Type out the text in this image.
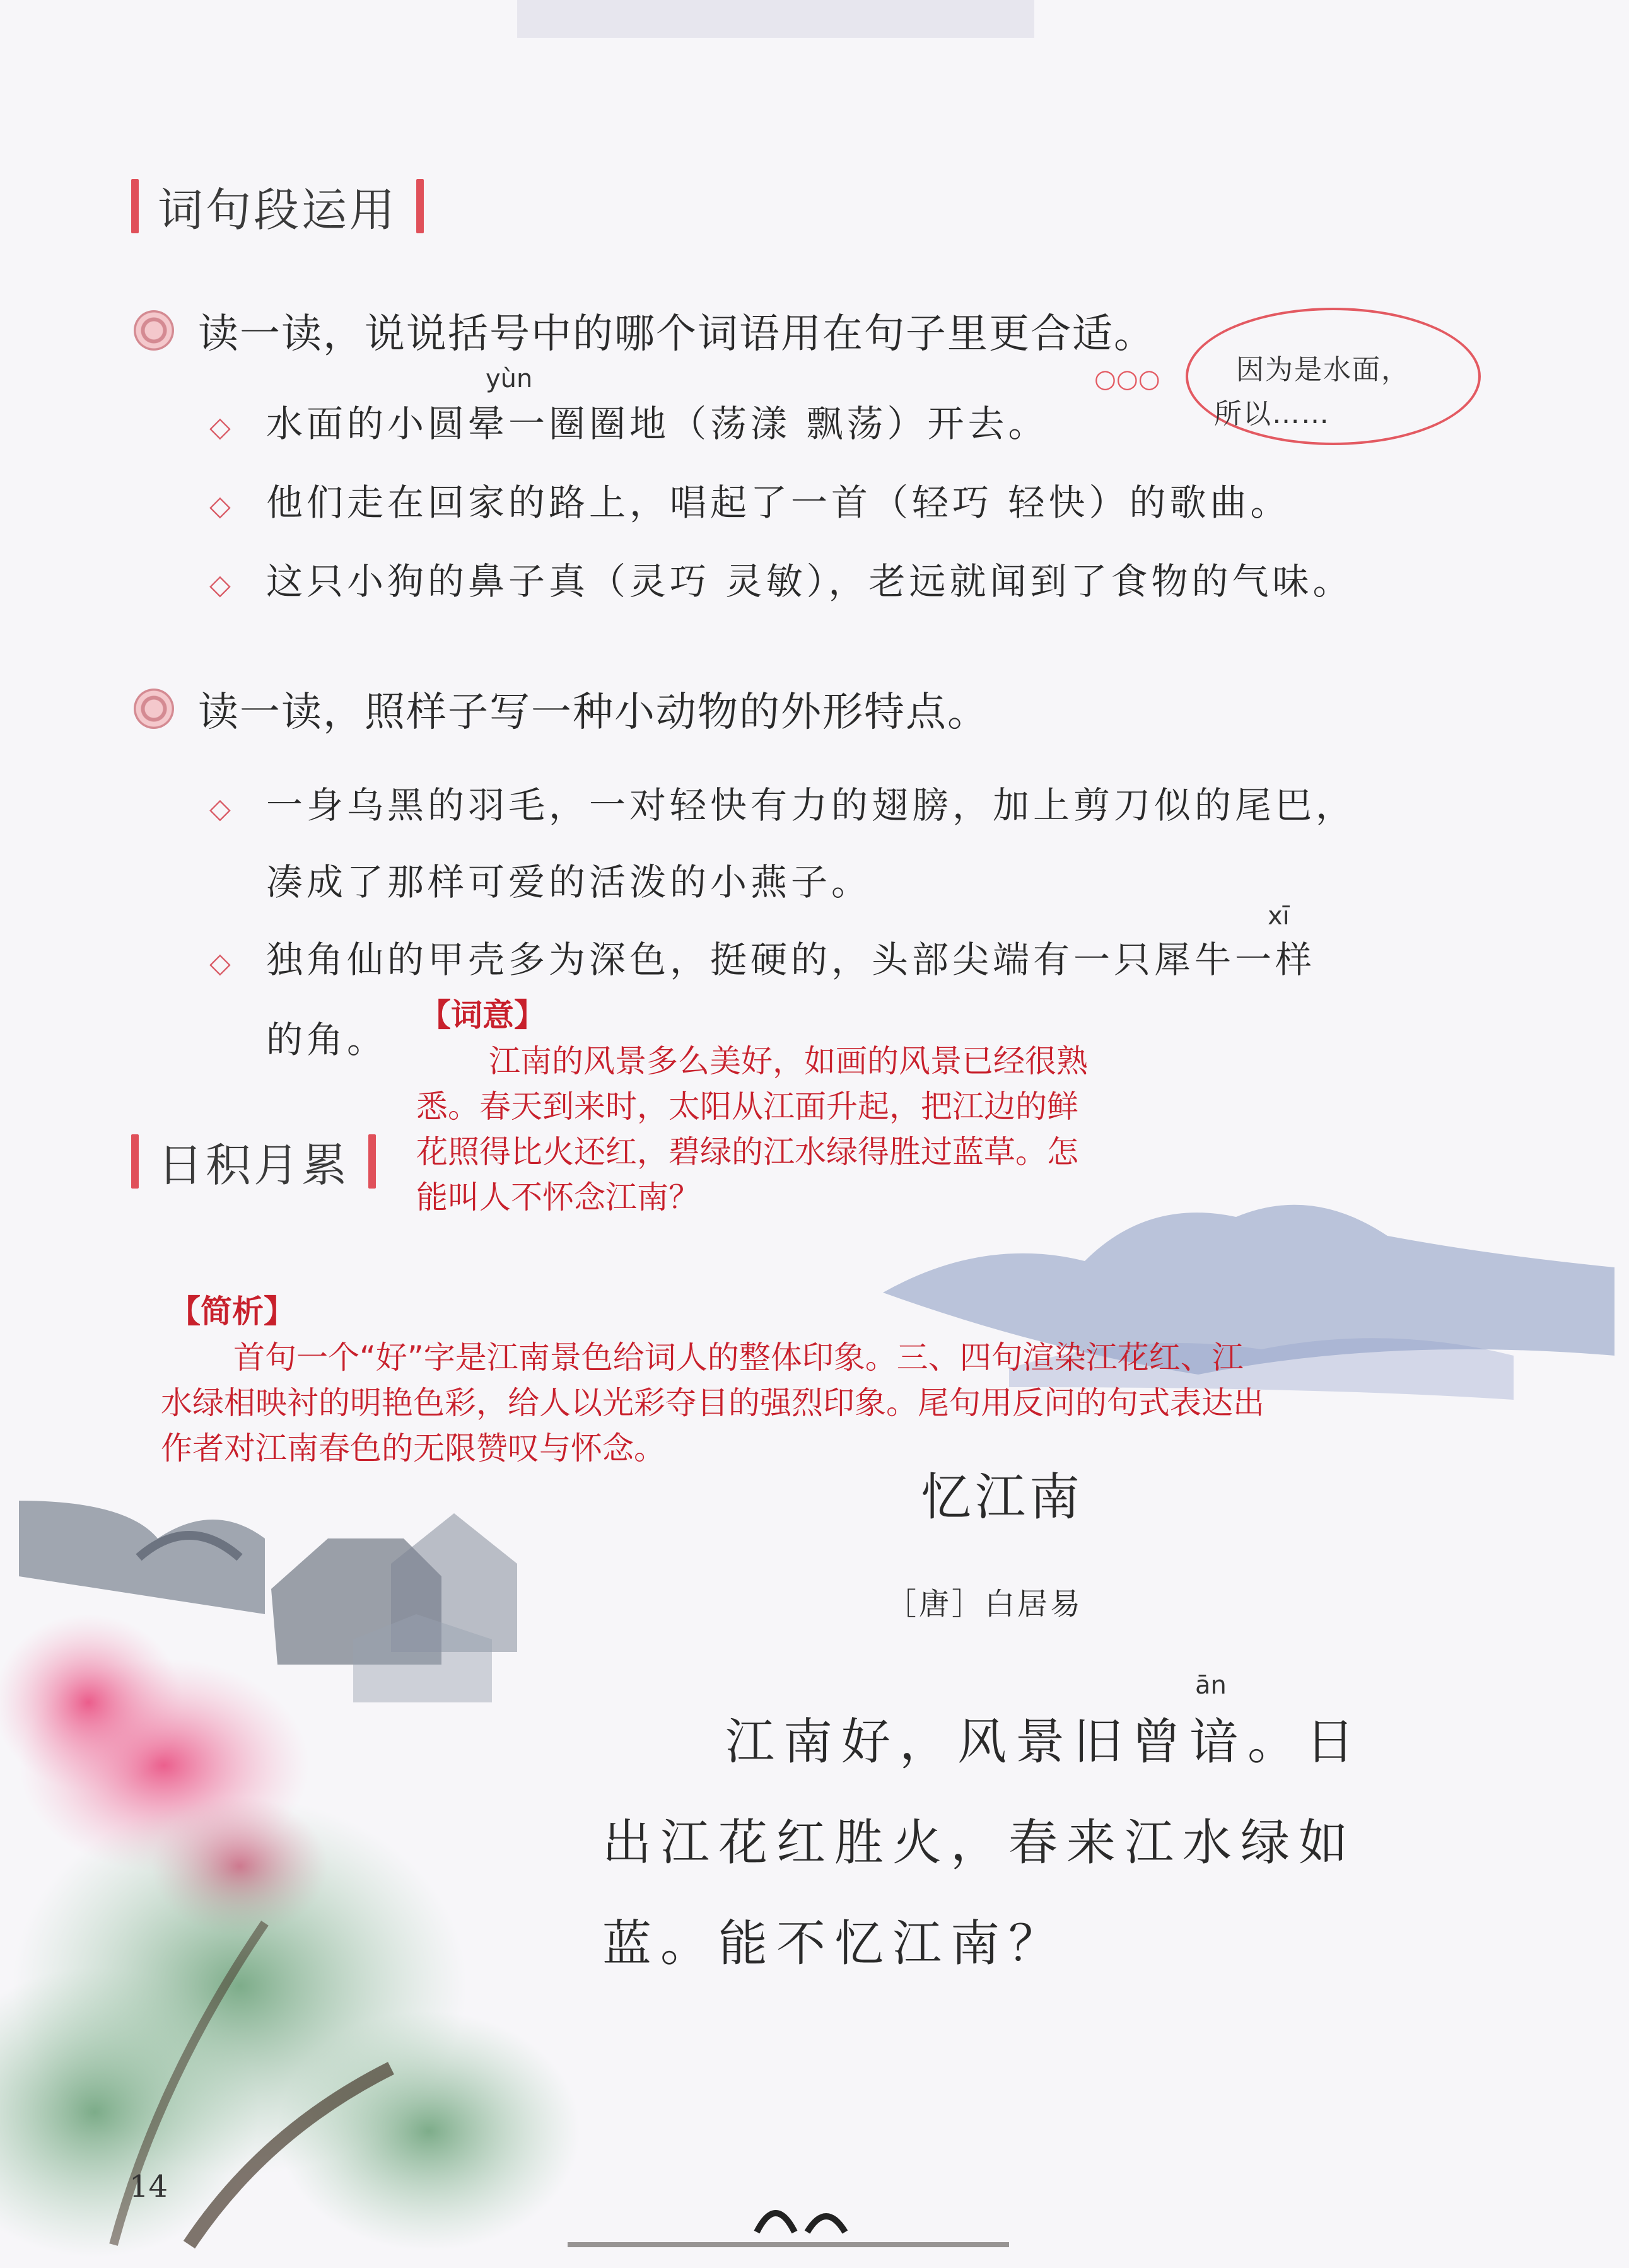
词句段运用
读一读，说说括号中的哪个词语用在句子里更合适。
yùn
◇ 水面的小圆晕一圈圈地（荡漾 飘荡）开去。
◇ 他们走在回家的路上，唱起了一首（轻巧 轻快）的歌曲。
◇ 这只小狗的鼻子真（灵巧 灵敏），老远就闻到了食物的气味。
○○○	因为是水面，
所以……
读一读，照样子写一种小动物的外形特点。
◇ 一身乌黑的羽毛，一对轻快有力的翅膀，加上剪刀似的尾巴，
凑成了那样可爱的活泼的小燕子。
xī
◇ 独角仙的甲壳多为深色，挺硬的，头部尖端有一只犀牛一样
的角。
【词意】
江南的风景多么美好，如画的风景已经很熟
悉。春天到来时，太阳从江面升起，把江边的鲜
花照得比火还红，碧绿的江水绿得胜过蓝草。怎
能叫人不怀念江南？
日积月累
【简析】
首句一个“好”字是江南景色给词人的整体印象。三、四句渲染江花红、江
水绿相映衬的明艳色彩，给人以光彩夺目的强烈印象。尾句用反问的句式表达出
作者对江南春色的无限赞叹与怀念。
忆江南
［唐］白居易
ān
江南好，风景旧曾谙。日
出江花红胜火，春来江水绿如
蓝。能不忆江南？
14
